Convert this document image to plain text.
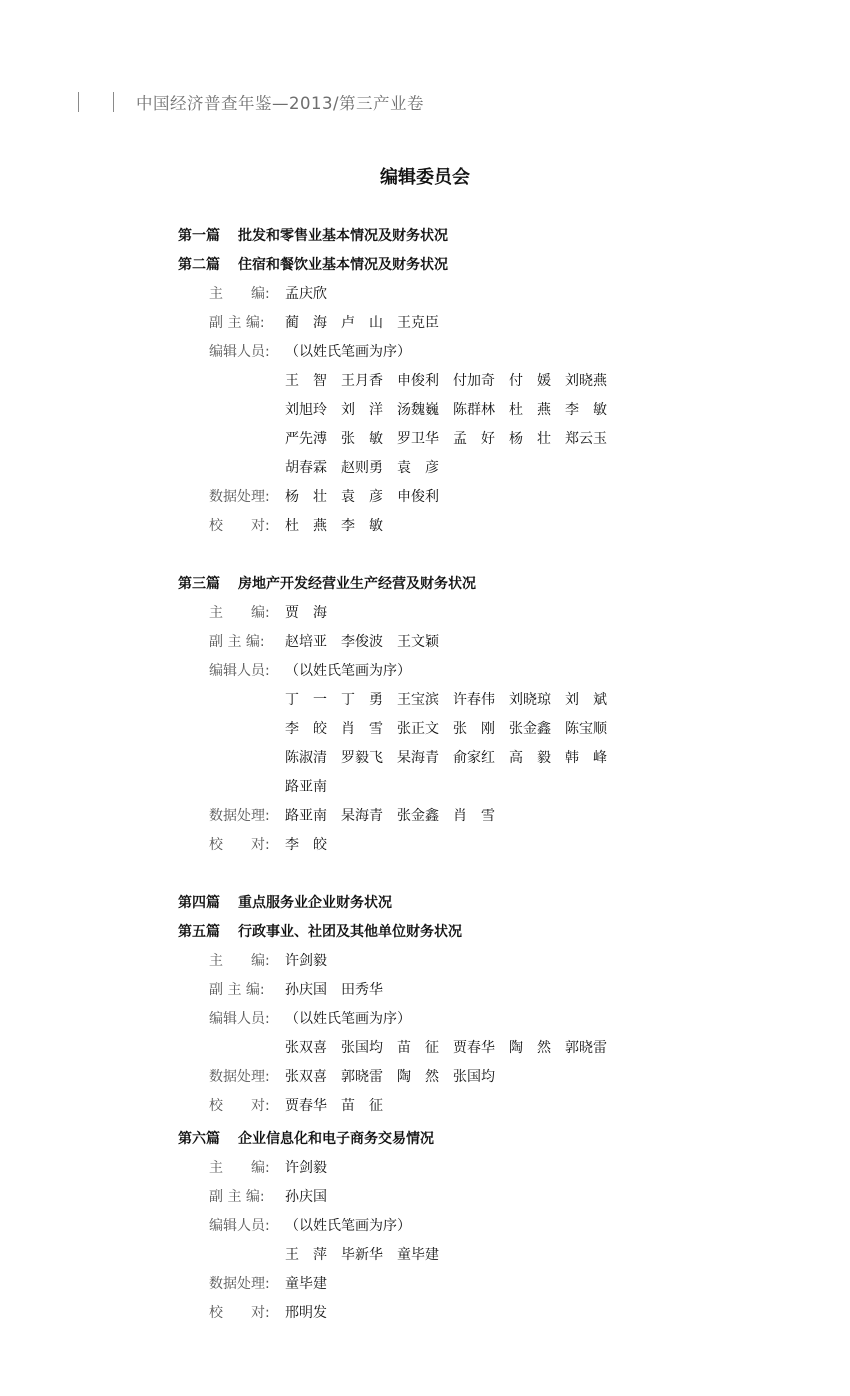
中国经济普查年鉴—2013/第三产业卷
编辑委员会
第一篇 批发和零售业基本情况及财务状况
第二篇 住宿和餐饮业基本情况及财务状况
主　　编:	孟庆欣
副 主 编:	蔺　海　卢　山　王克臣
编辑人员:	（以姓氏笔画为序）
王　智　王月香　申俊利　付加奇　付　媛　刘晓燕
刘旭玲　刘　洋　汤魏巍　陈群林　杜　燕　李　敏
严先溥　张　敏　罗卫华　孟　好　杨　壮　郑云玉
胡春霖　赵则勇　袁　彦
数据处理:	杨　壮　袁　彦　申俊利
校　　对:	杜　燕　李　敏
第三篇 房地产开发经营业生产经营及财务状况
主　　编:	贾　海
副 主 编:	赵培亚　李俊波　王文颖
编辑人员:	（以姓氏笔画为序）
丁　一　丁　勇　王宝滨　许春伟　刘晓琼　刘　斌
李　皎　肖　雪　张正文　张　刚　张金鑫　陈宝顺
陈淑清　罗毅飞　杲海青　俞家红　高　毅　韩　峰
路亚南
数据处理:	路亚南　杲海青　张金鑫　肖　雪
校　　对:	李　皎
第四篇 重点服务业企业财务状况
第五篇 行政事业、社团及其他单位财务状况
主　　编:	许剑毅
副 主 编:	孙庆国　田秀华
编辑人员:	（以姓氏笔画为序）
张双喜　张国均　苗　征　贾春华　陶　然　郭晓雷
数据处理:	张双喜　郭晓雷　陶　然　张国均
校　　对:	贾春华　苗　征
第六篇 企业信息化和电子商务交易情况
主　　编:	许剑毅
副 主 编:	孙庆国
编辑人员:	（以姓氏笔画为序）
王　萍　毕新华　童毕建
数据处理:	童毕建
校　　对:	邢明发
